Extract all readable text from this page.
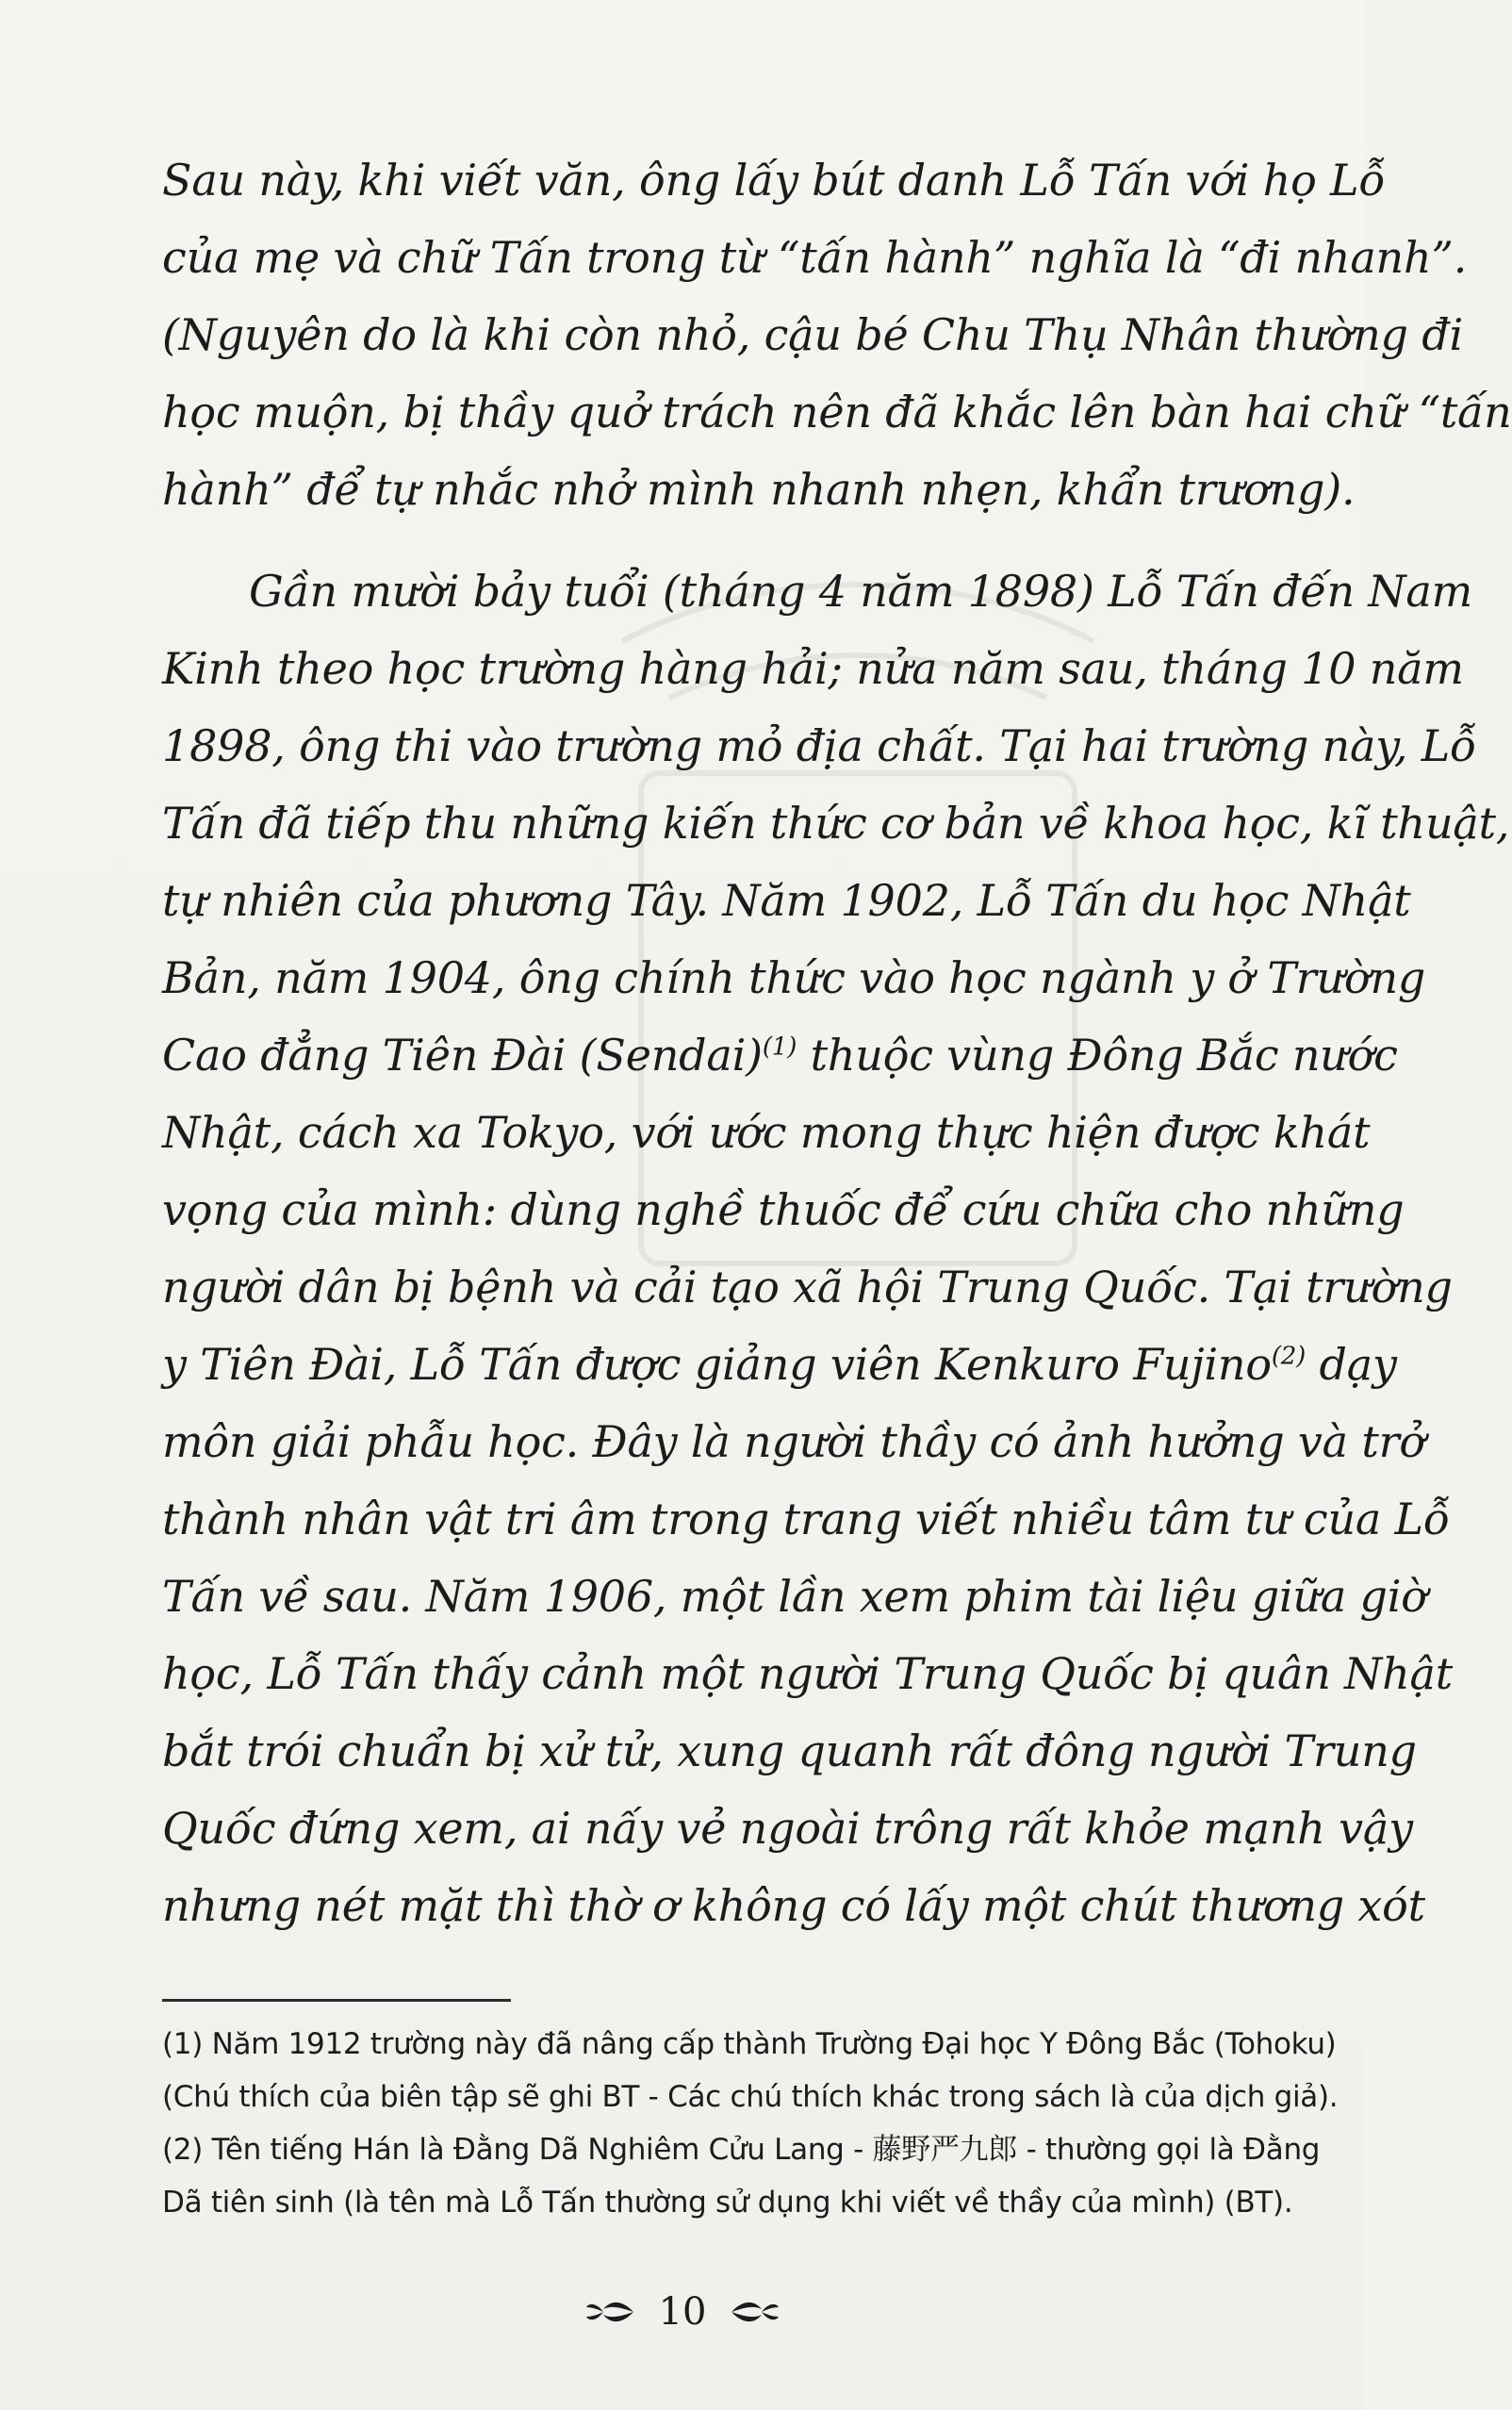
Sau này, khi viết văn, ông lấy bút danh Lỗ Tấn với họ Lỗ
của mẹ và chữ Tấn trong từ “tấn hành” nghĩa là “đi nhanh”.
(Nguyên do là khi còn nhỏ, cậu bé Chu Thụ Nhân thường đi
học muộn, bị thầy quở trách nên đã khắc lên bàn hai chữ “tấn
hành” để tự nhắc nhở mình nhanh nhẹn, khẩn trương).
Gần mười bảy tuổi (tháng 4 năm 1898) Lỗ Tấn đến Nam
Kinh theo học trường hàng hải; nửa năm sau, tháng 10 năm
1898, ông thi vào trường mỏ địa chất. Tại hai trường này, Lỗ
Tấn đã tiếp thu những kiến thức cơ bản về khoa học, kĩ thuật,
tự nhiên của phương Tây. Năm 1902, Lỗ Tấn du học Nhật
Bản, năm 1904, ông chính thức vào học ngành y ở Trường
Cao đẳng Tiên Đài (Sendai)$^{(1)}$ thuộc vùng Đông Bắc nước
Nhật, cách xa Tokyo, với ước mong thực hiện được khát
vọng của mình: dùng nghề thuốc để cứu chữa cho những
người dân bị bệnh và cải tạo xã hội Trung Quốc. Tại trường
y Tiên Đài, Lỗ Tấn được giảng viên Kenkuro Fujino$^{(2)}$ dạy
môn giải phẫu học. Đây là người thầy có ảnh hưởng và trở
thành nhân vật tri âm trong trang viết nhiều tâm tư của Lỗ
Tấn về sau. Năm 1906, một lần xem phim tài liệu giữa giờ
học, Lỗ Tấn thấy cảnh một người Trung Quốc bị quân Nhật
bắt trói chuẩn bị xử tử, xung quanh rất đông người Trung
Quốc đứng xem, ai nấy vẻ ngoài trông rất khỏe mạnh vậy
nhưng nét mặt thì thờ ơ không có lấy một chút thương xót
(1) Năm 1912 trường này đã nâng cấp thành Trường Đại học Y Đông Bắc (Tohoku)
(Chú thích của biên tập sẽ ghi BT - Các chú thích khác trong sách là của dịch giả).
(2) Tên tiếng Hán là Đằng Dã Nghiêm Cửu Lang - 藤野严九郎 - thường gọi là Đằng
Dã tiên sinh (là tên mà Lỗ Tấn thường sử dụng khi viết về thầy của mình) (BT).
10
